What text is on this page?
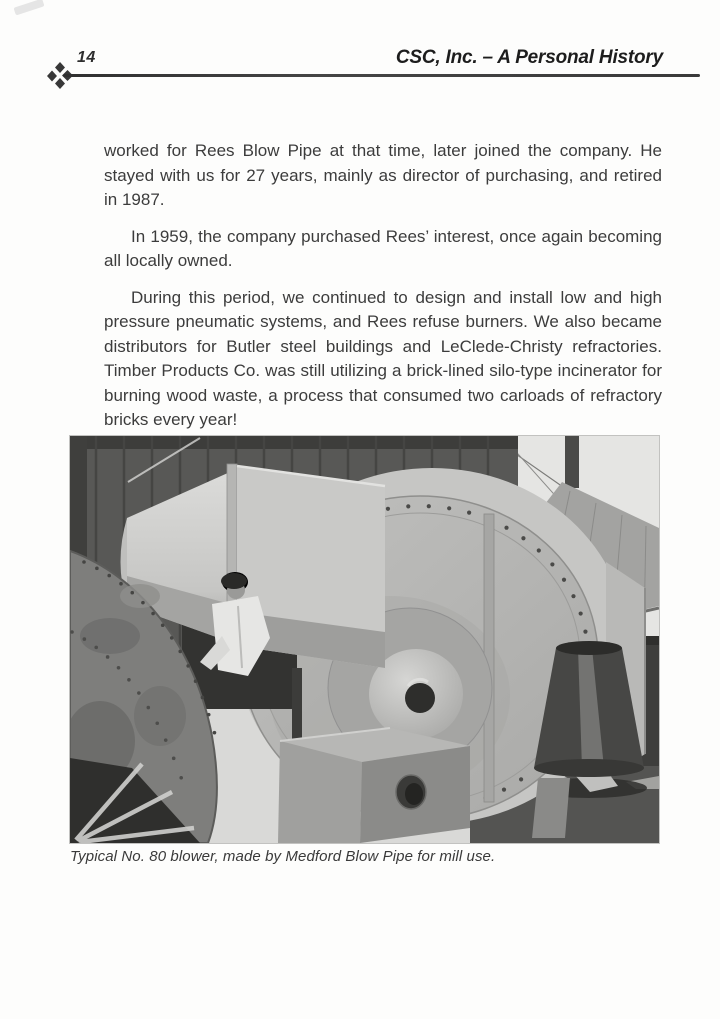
14	CSC, Inc. – A Personal History

worked for Rees Blow Pipe at that time, later joined the company. He stayed with us for 27 years, mainly as director of purchasing, and retired in 1987.

In 1959, the company purchased Rees’ interest, once again becoming all locally owned.

During this period, we continued to design and install low and high pressure pneumatic systems, and Rees refuse burners. We also became distributors for Butler steel buildings and LeClede-Christy refractories. Timber Products Co. was still utilizing a brick-lined silo-type incinerator for burning wood waste, a process that consumed two carloads of refractory bricks every year!

Typical No. 80 blower, made by Medford Blow Pipe for mill use.
